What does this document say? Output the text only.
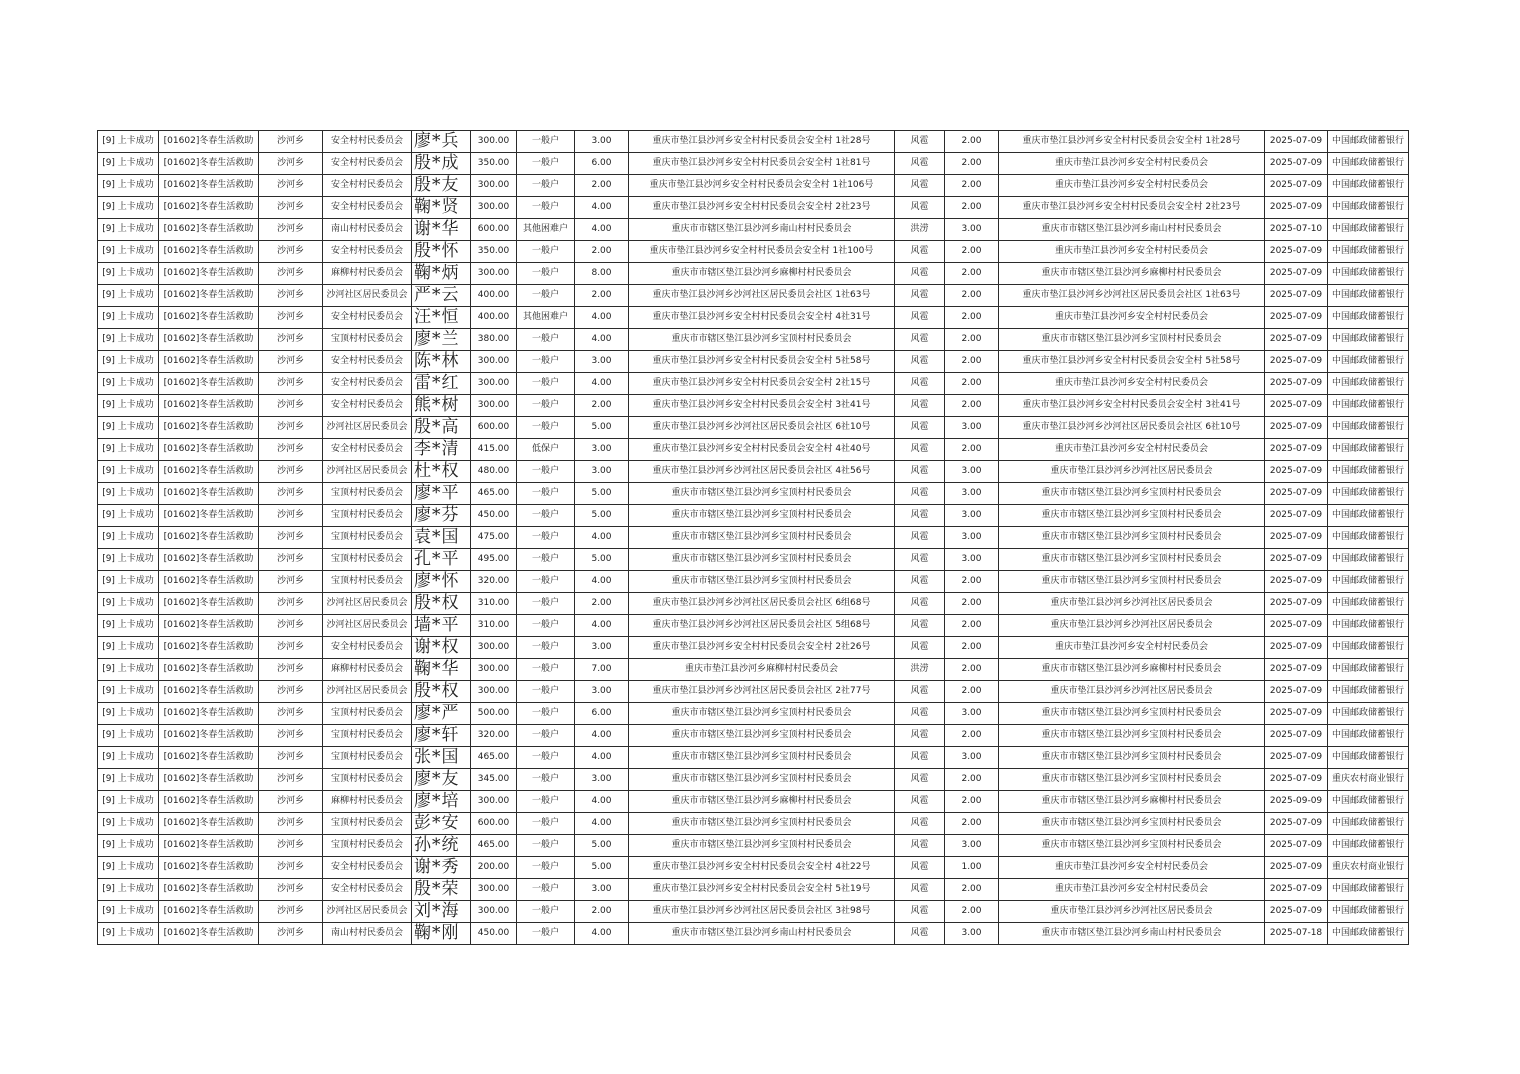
[9] 上卡成功	[01602]冬春生活救助	沙河乡	安全村村民委员会	廖*兵	300.00	一般户	3.00	重庆市垫江县沙河乡安全村村民委员会安全村 1社28号	风雹	2.00	重庆市垫江县沙河乡安全村村民委员会安全村 1社28号	2025-07-09	中国邮政储蓄银行
[9] 上卡成功	[01602]冬春生活救助	沙河乡	安全村村民委员会	殷*成	350.00	一般户	6.00	重庆市垫江县沙河乡安全村村民委员会安全村 1社81号	风雹	2.00	重庆市垫江县沙河乡安全村村民委员会	2025-07-09	中国邮政储蓄银行
[9] 上卡成功	[01602]冬春生活救助	沙河乡	安全村村民委员会	殷*友	300.00	一般户	2.00	重庆市垫江县沙河乡安全村村民委员会安全村 1社106号	风雹	2.00	重庆市垫江县沙河乡安全村村民委员会	2025-07-09	中国邮政储蓄银行
[9] 上卡成功	[01602]冬春生活救助	沙河乡	安全村村民委员会	鞠*贤	300.00	一般户	4.00	重庆市垫江县沙河乡安全村村民委员会安全村 2社23号	风雹	2.00	重庆市垫江县沙河乡安全村村民委员会安全村 2社23号	2025-07-09	中国邮政储蓄银行
[9] 上卡成功	[01602]冬春生活救助	沙河乡	南山村村民委员会	谢*华	600.00	其他困难户	4.00	重庆市市辖区垫江县沙河乡南山村村民委员会	洪涝	3.00	重庆市市辖区垫江县沙河乡南山村村民委员会	2025-07-10	中国邮政储蓄银行
[9] 上卡成功	[01602]冬春生活救助	沙河乡	安全村村民委员会	殷*怀	350.00	一般户	2.00	重庆市垫江县沙河乡安全村村民委员会安全村 1社100号	风雹	2.00	重庆市垫江县沙河乡安全村村民委员会	2025-07-09	中国邮政储蓄银行
[9] 上卡成功	[01602]冬春生活救助	沙河乡	麻柳村村民委员会	鞠*炳	300.00	一般户	8.00	重庆市市辖区垫江县沙河乡麻柳村村民委员会	风雹	2.00	重庆市市辖区垫江县沙河乡麻柳村村民委员会	2025-07-09	中国邮政储蓄银行
[9] 上卡成功	[01602]冬春生活救助	沙河乡	沙河社区居民委员会	严*云	400.00	一般户	2.00	重庆市垫江县沙河乡沙河社区居民委员会社区 1社63号	风雹	2.00	重庆市垫江县沙河乡沙河社区居民委员会社区 1社63号	2025-07-09	中国邮政储蓄银行
[9] 上卡成功	[01602]冬春生活救助	沙河乡	安全村村民委员会	汪*恒	400.00	其他困难户	4.00	重庆市垫江县沙河乡安全村村民委员会安全村 4社31号	风雹	2.00	重庆市垫江县沙河乡安全村村民委员会	2025-07-09	中国邮政储蓄银行
[9] 上卡成功	[01602]冬春生活救助	沙河乡	宝顶村村民委员会	廖*兰	380.00	一般户	4.00	重庆市市辖区垫江县沙河乡宝顶村村民委员会	风雹	2.00	重庆市市辖区垫江县沙河乡宝顶村村民委员会	2025-07-09	中国邮政储蓄银行
[9] 上卡成功	[01602]冬春生活救助	沙河乡	安全村村民委员会	陈*林	300.00	一般户	3.00	重庆市垫江县沙河乡安全村村民委员会安全村 5社58号	风雹	2.00	重庆市垫江县沙河乡安全村村民委员会安全村 5社58号	2025-07-09	中国邮政储蓄银行
[9] 上卡成功	[01602]冬春生活救助	沙河乡	安全村村民委员会	雷*红	300.00	一般户	4.00	重庆市垫江县沙河乡安全村村民委员会安全村 2社15号	风雹	2.00	重庆市垫江县沙河乡安全村村民委员会	2025-07-09	中国邮政储蓄银行
[9] 上卡成功	[01602]冬春生活救助	沙河乡	安全村村民委员会	熊*树	300.00	一般户	2.00	重庆市垫江县沙河乡安全村村民委员会安全村 3社41号	风雹	2.00	重庆市垫江县沙河乡安全村村民委员会安全村 3社41号	2025-07-09	中国邮政储蓄银行
[9] 上卡成功	[01602]冬春生活救助	沙河乡	沙河社区居民委员会	殷*高	600.00	一般户	5.00	重庆市垫江县沙河乡沙河社区居民委员会社区 6社10号	风雹	3.00	重庆市垫江县沙河乡沙河社区居民委员会社区 6社10号	2025-07-09	中国邮政储蓄银行
[9] 上卡成功	[01602]冬春生活救助	沙河乡	安全村村民委员会	李*清	415.00	低保户	3.00	重庆市垫江县沙河乡安全村村民委员会安全村 4社40号	风雹	2.00	重庆市垫江县沙河乡安全村村民委员会	2025-07-09	中国邮政储蓄银行
[9] 上卡成功	[01602]冬春生活救助	沙河乡	沙河社区居民委员会	杜*权	480.00	一般户	3.00	重庆市垫江县沙河乡沙河社区居民委员会社区 4社56号	风雹	3.00	重庆市垫江县沙河乡沙河社区居民委员会	2025-07-09	中国邮政储蓄银行
[9] 上卡成功	[01602]冬春生活救助	沙河乡	宝顶村村民委员会	廖*平	465.00	一般户	5.00	重庆市市辖区垫江县沙河乡宝顶村村民委员会	风雹	3.00	重庆市市辖区垫江县沙河乡宝顶村村民委员会	2025-07-09	中国邮政储蓄银行
[9] 上卡成功	[01602]冬春生活救助	沙河乡	宝顶村村民委员会	廖*芬	450.00	一般户	5.00	重庆市市辖区垫江县沙河乡宝顶村村民委员会	风雹	3.00	重庆市市辖区垫江县沙河乡宝顶村村民委员会	2025-07-09	中国邮政储蓄银行
[9] 上卡成功	[01602]冬春生活救助	沙河乡	宝顶村村民委员会	袁*国	475.00	一般户	4.00	重庆市市辖区垫江县沙河乡宝顶村村民委员会	风雹	3.00	重庆市市辖区垫江县沙河乡宝顶村村民委员会	2025-07-09	中国邮政储蓄银行
[9] 上卡成功	[01602]冬春生活救助	沙河乡	宝顶村村民委员会	孔*平	495.00	一般户	5.00	重庆市市辖区垫江县沙河乡宝顶村村民委员会	风雹	3.00	重庆市市辖区垫江县沙河乡宝顶村村民委员会	2025-07-09	中国邮政储蓄银行
[9] 上卡成功	[01602]冬春生活救助	沙河乡	宝顶村村民委员会	廖*怀	320.00	一般户	4.00	重庆市市辖区垫江县沙河乡宝顶村村民委员会	风雹	2.00	重庆市市辖区垫江县沙河乡宝顶村村民委员会	2025-07-09	中国邮政储蓄银行
[9] 上卡成功	[01602]冬春生活救助	沙河乡	沙河社区居民委员会	殷*权	310.00	一般户	2.00	重庆市垫江县沙河乡沙河社区居民委员会社区 6组68号	风雹	2.00	重庆市垫江县沙河乡沙河社区居民委员会	2025-07-09	中国邮政储蓄银行
[9] 上卡成功	[01602]冬春生活救助	沙河乡	沙河社区居民委员会	墙*平	310.00	一般户	4.00	重庆市垫江县沙河乡沙河社区居民委员会社区 5组68号	风雹	2.00	重庆市垫江县沙河乡沙河社区居民委员会	2025-07-09	中国邮政储蓄银行
[9] 上卡成功	[01602]冬春生活救助	沙河乡	安全村村民委员会	谢*权	300.00	一般户	3.00	重庆市垫江县沙河乡安全村村民委员会安全村 2社26号	风雹	2.00	重庆市垫江县沙河乡安全村村民委员会	2025-07-09	中国邮政储蓄银行
[9] 上卡成功	[01602]冬春生活救助	沙河乡	麻柳村村民委员会	鞠*华	300.00	一般户	7.00	重庆市垫江县沙河乡麻柳村村民委员会	洪涝	2.00	重庆市市辖区垫江县沙河乡麻柳村村民委员会	2025-07-09	中国邮政储蓄银行
[9] 上卡成功	[01602]冬春生活救助	沙河乡	沙河社区居民委员会	殷*权	300.00	一般户	3.00	重庆市垫江县沙河乡沙河社区居民委员会社区 2社77号	风雹	2.00	重庆市垫江县沙河乡沙河社区居民委员会	2025-07-09	中国邮政储蓄银行
[9] 上卡成功	[01602]冬春生活救助	沙河乡	宝顶村村民委员会	廖*严	500.00	一般户	6.00	重庆市市辖区垫江县沙河乡宝顶村村民委员会	风雹	3.00	重庆市市辖区垫江县沙河乡宝顶村村民委员会	2025-07-09	中国邮政储蓄银行
[9] 上卡成功	[01602]冬春生活救助	沙河乡	宝顶村村民委员会	廖*轩	320.00	一般户	4.00	重庆市市辖区垫江县沙河乡宝顶村村民委员会	风雹	2.00	重庆市市辖区垫江县沙河乡宝顶村村民委员会	2025-07-09	中国邮政储蓄银行
[9] 上卡成功	[01602]冬春生活救助	沙河乡	宝顶村村民委员会	张*国	465.00	一般户	4.00	重庆市市辖区垫江县沙河乡宝顶村村民委员会	风雹	3.00	重庆市市辖区垫江县沙河乡宝顶村村民委员会	2025-07-09	中国邮政储蓄银行
[9] 上卡成功	[01602]冬春生活救助	沙河乡	宝顶村村民委员会	廖*友	345.00	一般户	3.00	重庆市市辖区垫江县沙河乡宝顶村村民委员会	风雹	2.00	重庆市市辖区垫江县沙河乡宝顶村村民委员会	2025-07-09	重庆农村商业银行
[9] 上卡成功	[01602]冬春生活救助	沙河乡	麻柳村村民委员会	廖*培	300.00	一般户	4.00	重庆市市辖区垫江县沙河乡麻柳村村民委员会	风雹	2.00	重庆市市辖区垫江县沙河乡麻柳村村民委员会	2025-09-09	中国邮政储蓄银行
[9] 上卡成功	[01602]冬春生活救助	沙河乡	宝顶村村民委员会	彭*安	600.00	一般户	4.00	重庆市市辖区垫江县沙河乡宝顶村村民委员会	风雹	2.00	重庆市市辖区垫江县沙河乡宝顶村村民委员会	2025-07-09	中国邮政储蓄银行
[9] 上卡成功	[01602]冬春生活救助	沙河乡	宝顶村村民委员会	孙*统	465.00	一般户	5.00	重庆市市辖区垫江县沙河乡宝顶村村民委员会	风雹	3.00	重庆市市辖区垫江县沙河乡宝顶村村民委员会	2025-07-09	中国邮政储蓄银行
[9] 上卡成功	[01602]冬春生活救助	沙河乡	安全村村民委员会	谢*秀	200.00	一般户	5.00	重庆市垫江县沙河乡安全村村民委员会安全村 4社22号	风雹	1.00	重庆市垫江县沙河乡安全村村民委员会	2025-07-09	重庆农村商业银行
[9] 上卡成功	[01602]冬春生活救助	沙河乡	安全村村民委员会	殷*荣	300.00	一般户	3.00	重庆市垫江县沙河乡安全村村民委员会安全村 5社19号	风雹	2.00	重庆市垫江县沙河乡安全村村民委员会	2025-07-09	中国邮政储蓄银行
[9] 上卡成功	[01602]冬春生活救助	沙河乡	沙河社区居民委员会	刘*海	300.00	一般户	2.00	重庆市垫江县沙河乡沙河社区居民委员会社区 3社98号	风雹	2.00	重庆市垫江县沙河乡沙河社区居民委员会	2025-07-09	中国邮政储蓄银行
[9] 上卡成功	[01602]冬春生活救助	沙河乡	南山村村民委员会	鞠*刚	450.00	一般户	4.00	重庆市市辖区垫江县沙河乡南山村村民委员会	风雹	3.00	重庆市市辖区垫江县沙河乡南山村村民委员会	2025-07-18	中国邮政储蓄银行
